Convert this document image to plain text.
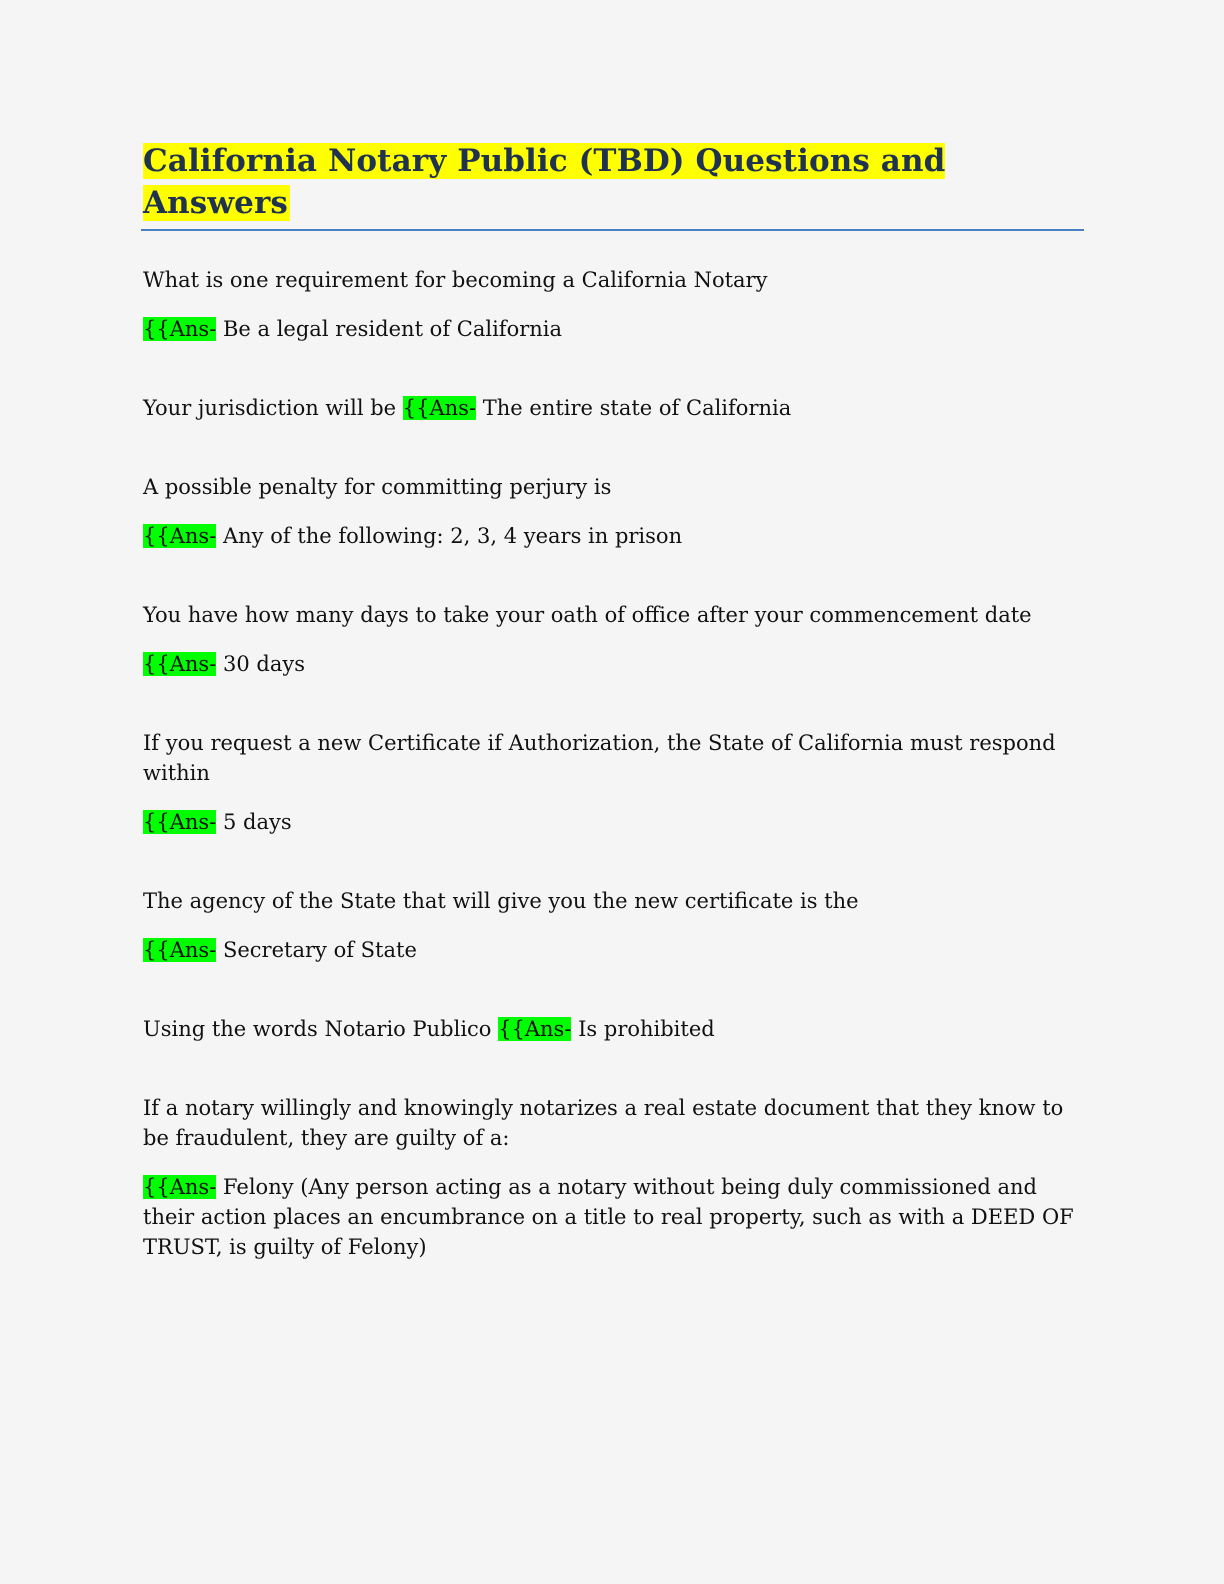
California Notary Public (TBD) Questions and Answers

What is one requirement for becoming a California Notary

{{Ans- Be a legal resident of California

Your jurisdiction will be {{Ans- The entire state of California

A possible penalty for committing perjury is

{{Ans- Any of the following: 2, 3, 4 years in prison

You have how many days to take your oath of office after your commencement date

{{Ans- 30 days

If you request a new Certificate if Authorization, the State of California must respond within

{{Ans- 5 days

The agency of the State that will give you the new certificate is the

{{Ans- Secretary of State

Using the words Notario Publico {{Ans- Is prohibited

If a notary willingly and knowingly notarizes a real estate document that they know to be fraudulent, they are guilty of a:

{{Ans- Felony (Any person acting as a notary without being duly commissioned and their action places an encumbrance on a title to real property, such as with a DEED OF TRUST, is guilty of Felony)
